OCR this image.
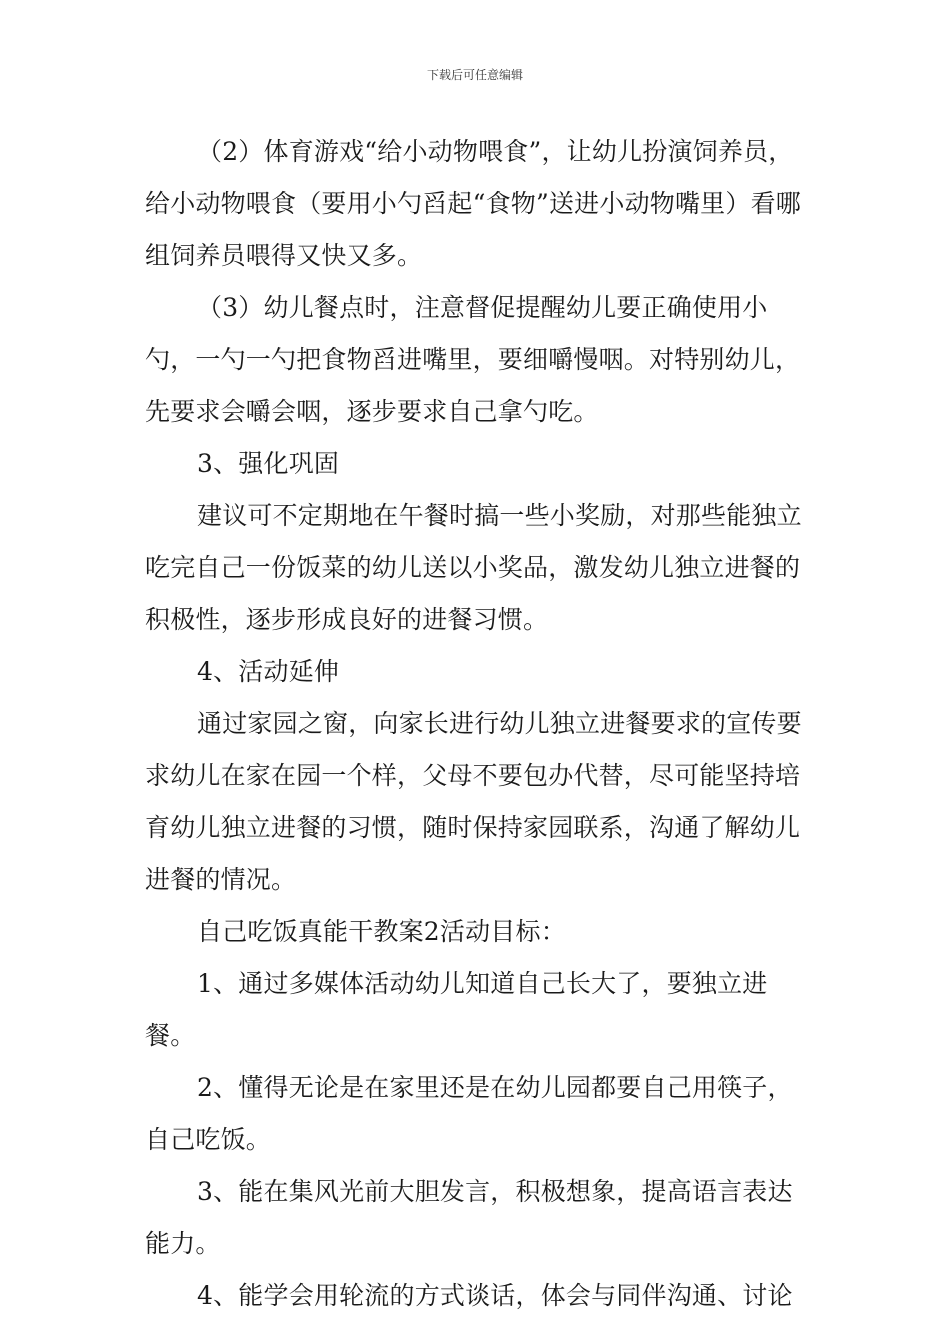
下载后可任意编辑

（2）体育游戏“给小动物喂食”，让幼儿扮演饲养员，给小动物喂食（要用小勺舀起“食物”送进小动物嘴里）看哪组饲养员喂得又快又多。

（3）幼儿餐点时，注意督促提醒幼儿要正确使用小勺，一勺一勺把食物舀进嘴里，要细嚼慢咽。对特别幼儿，先要求会嚼会咽，逐步要求自己拿勺吃。

3、强化巩固

建议可不定期地在午餐时搞一些小奖励，对那些能独立吃完自己一份饭菜的幼儿送以小奖品，激发幼儿独立进餐的积极性，逐步形成良好的进餐习惯。

4、活动延伸

通过家园之窗，向家长进行幼儿独立进餐要求的宣传要求幼儿在家在园一个样，父母不要包办代替，尽可能坚持培育幼儿独立进餐的习惯，随时保持家园联系，沟通了解幼儿进餐的情况。

自己吃饭真能干教案2活动目标：

1、通过多媒体活动幼儿知道自己长大了，要独立进餐。

2、懂得无论是在家里还是在幼儿园都要自己用筷子，自己吃饭。

3、能在集风光前大胆发言，积极想象，提高语言表达能力。

4、能学会用轮流的方式谈话，体会与同伴沟通、讨论
